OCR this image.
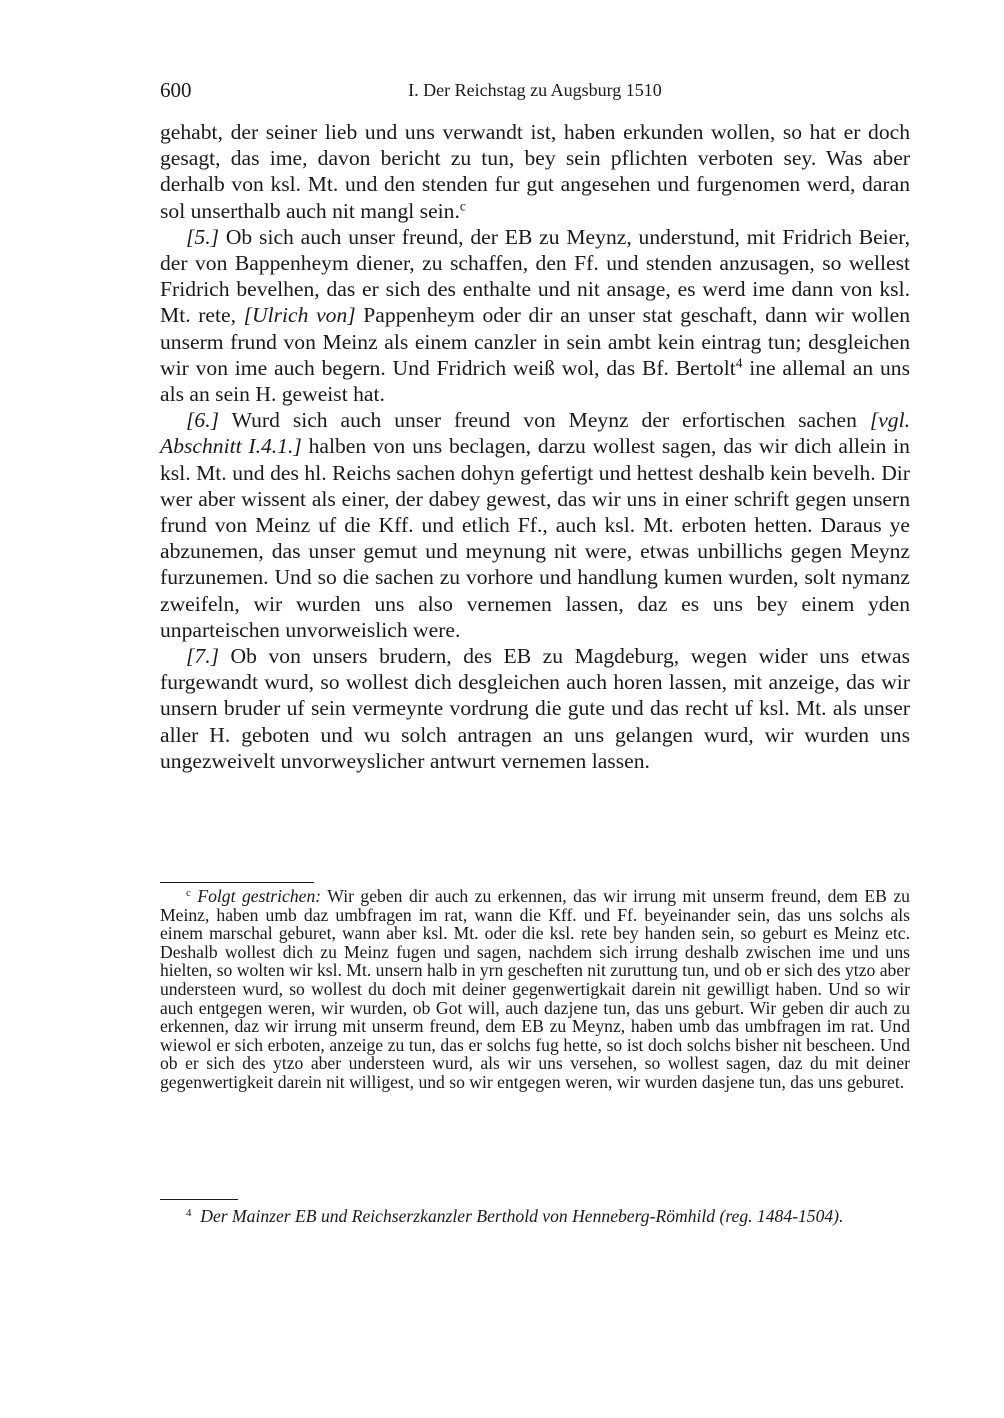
600	I. Der Reichstag zu Augsburg 1510

gehabt, der seiner lieb und uns verwandt ist, haben erkunden wollen, so hat er doch gesagt, das ime, davon bericht zu tun, bey sein pflichten verboten sey. Was aber derhalb von ksl. Mt. und den stenden fur gut angesehen und furgenomen werd, daran sol unserthalb auch nit mangl sein.$^c$

[5.] Ob sich auch unser freund, der EB zu Meynz, understund, mit Fridrich Beier, der von Bappenheym diener, zu schaffen, den Ff. und stenden anzusagen, so wellest Fridrich bevelhen, das er sich des enthalte und nit ansage, es werd ime dann von ksl. Mt. rete, [Ulrich von] Pappenheym oder dir an unser stat geschaft, dann wir wollen unserm frund von Meinz als einem canzler in sein ambt kein eintrag tun; desgleichen wir von ime auch begern. Und Fridrich weiß wol, das Bf. Bertolt$^4$ ine allemal an uns als an sein H. geweist hat.

[6.] Wurd sich auch unser freund von Meynz der erfortischen sachen [vgl. Abschnitt I.4.1.] halben von uns beclagen, darzu wollest sagen, das wir dich allein in ksl. Mt. und des hl. Reichs sachen dohyn gefertigt und hettest deshalb kein bevelh. Dir wer aber wissent als einer, der dabey gewest, das wir uns in einer schrift gegen unsern frund von Meinz uf die Kff. und etlich Ff., auch ksl. Mt. erboten hetten. Daraus ye abzunemen, das unser gemut und meynung nit were, etwas unbillichs gegen Meynz furzunemen. Und so die sachen zu vorhore und handlung kumen wurden, solt nymanz zweifeln, wir wurden uns also vernemen lassen, daz es uns bey einem yden unparteischen unvorweislich were.

[7.] Ob von unsers brudern, des EB zu Magdeburg, wegen wider uns etwas furgewandt wurd, so wollest dich desgleichen auch horen lassen, mit anzeige, das wir unsern bruder uf sein vermeynte vordrung die gute und das recht uf ksl. Mt. als unser aller H. geboten und wu solch antragen an uns gelangen wurd, wir wurden uns ungezweivelt unvorweyslicher antwurt vernemen lassen.

$^c$ Folgt gestrichen: Wir geben dir auch zu erkennen, das wir irrung mit unserm freund, dem EB zu Meinz, haben umb daz umbfragen im rat, wann die Kff. und Ff. beyeinander sein, das uns solchs als einem marschal geburet, wann aber ksl. Mt. oder die ksl. rete bey handen sein, so geburt es Meinz etc. Deshalb wollest dich zu Meinz fugen und sagen, nachdem sich irrung deshalb zwischen ime und uns hielten, so wolten wir ksl. Mt. unsern halb in yrn gescheften nit zuruttung tun, und ob er sich des ytzo aber understeen wurd, so wollest du doch mit deiner gegenwertigkait darein nit gewilligt haben. Und so wir auch entgegen weren, wir wurden, ob Got will, auch dazjene tun, das uns geburt. Wir geben dir auch zu erkennen, daz wir irrung mit unserm freund, dem EB zu Meynz, haben umb das umbfragen im rat. Und wiewol er sich erboten, anzeige zu tun, das er solchs fug hette, so ist doch solchs bisher nit bescheen. Und ob er sich des ytzo aber understeen wurd, als wir uns versehen, so wollest sagen, daz du mit deiner gegenwertigkeit darein nit willigest, und so wir entgegen weren, wir wurden dasjene tun, das uns geburet.

$^4$ Der Mainzer EB und Reichserzkanzler Berthold von Henneberg-Römhild (reg. 1484-1504).
